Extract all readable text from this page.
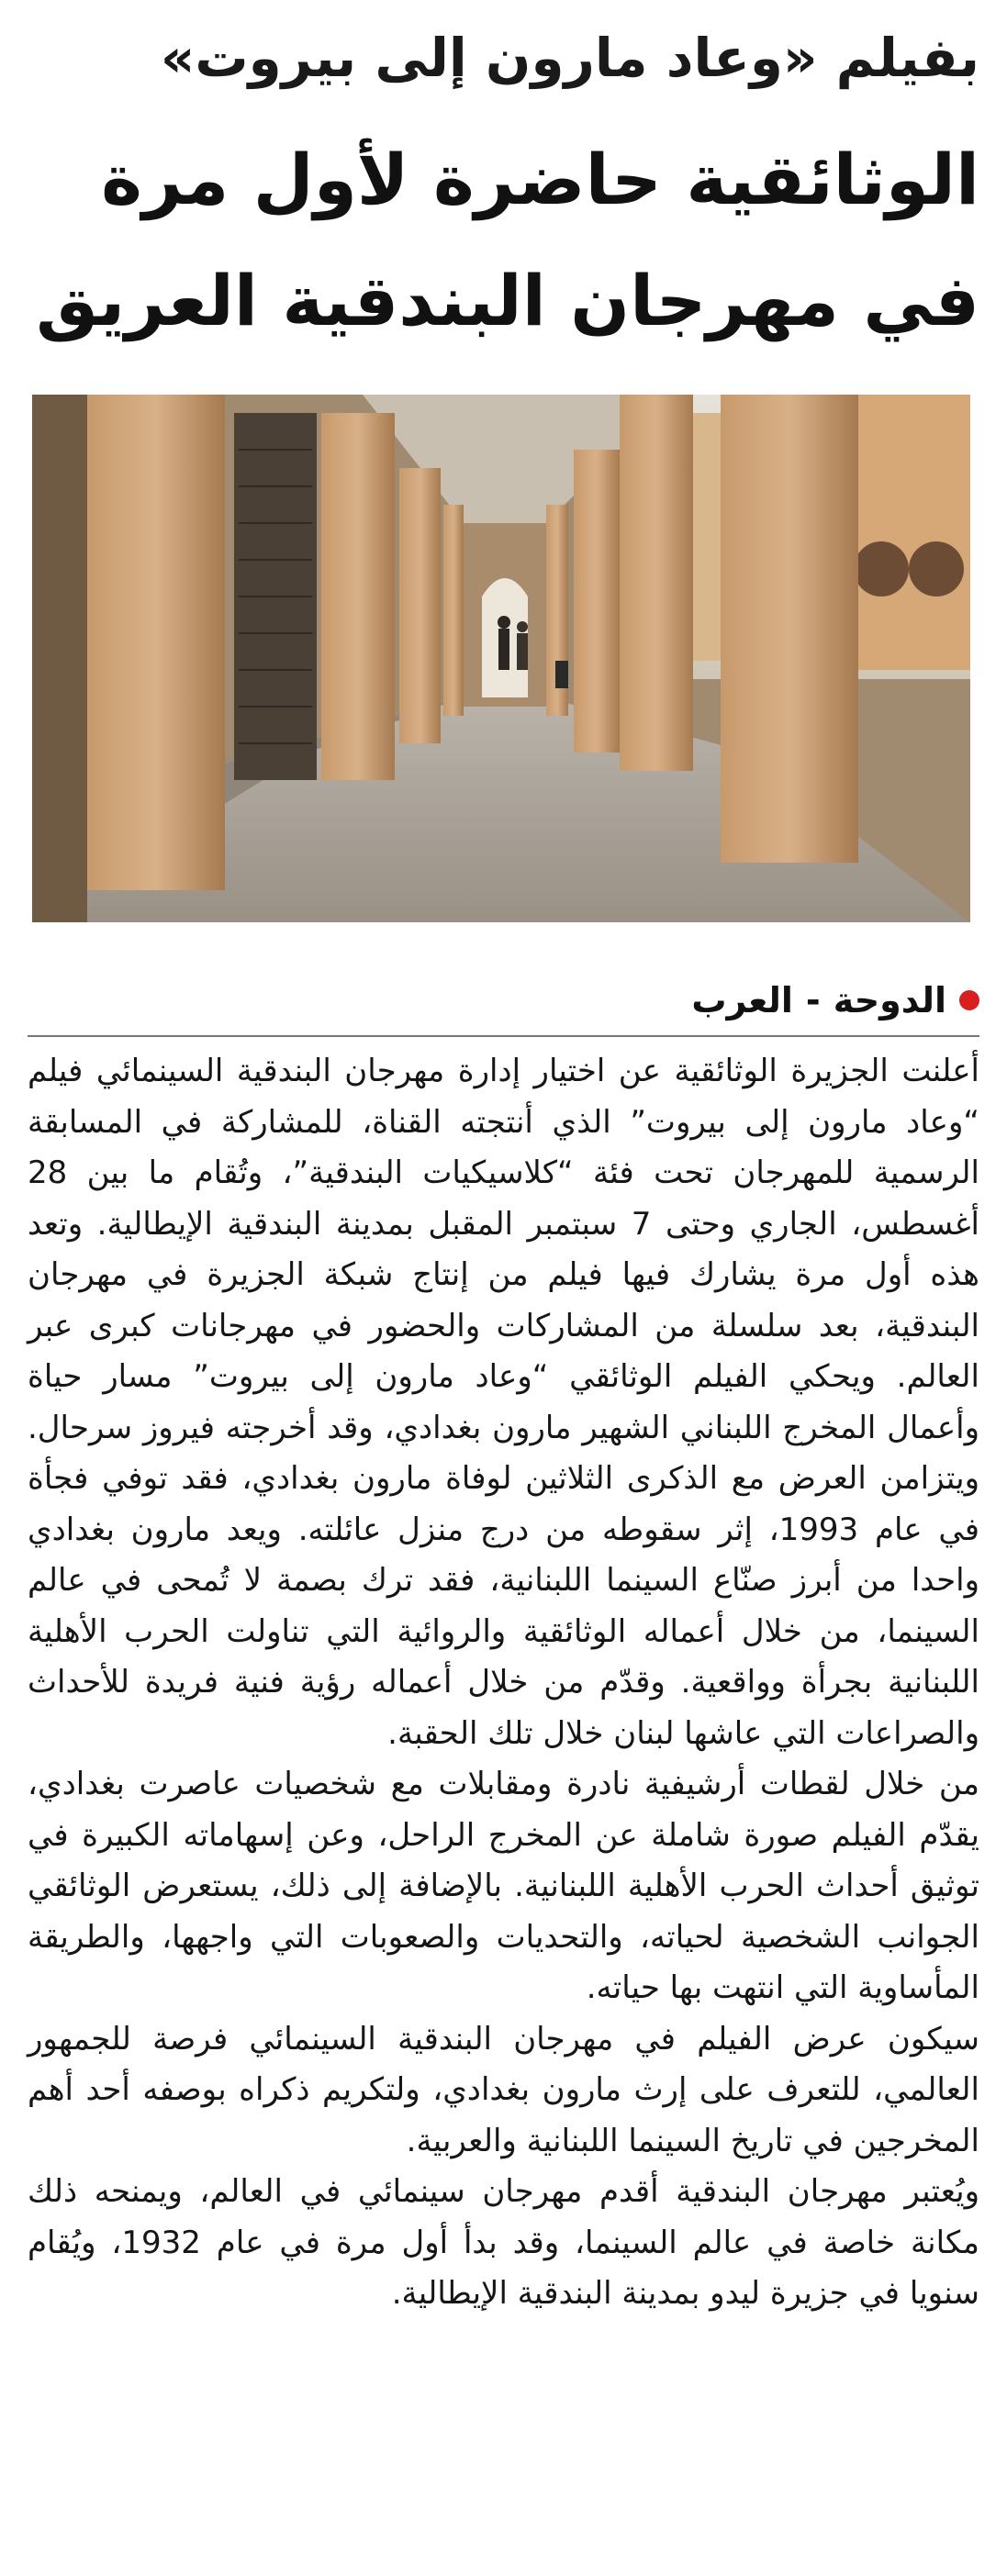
بفيلم «وعاد مارون إلى بيروت»
الوثائقية حاضرة لأول مرة
في مهرجان البندقية العريق
الدوحة
-
العرب

أعلنت الجزيرة الوثائقية عن اختيار إدارة مهرجان البندقية السينمائي فيلم “وعاد مارون إلى بيروت” الذي أنتجته القناة، للمشاركة في المسابقة الرسمية للمهرجان تحت فئة “كلاسيكيات البندقية”، وتُقام ما بين 28 أغسطس، الجاري وحتى 7 سبتمبر المقبل بمدينة البندقية الإيطالية. وتعد هذه أول مرة يشارك فيها فيلم من إنتاج شبكة الجزيرة في مهرجان البندقية، بعد سلسلة من المشاركات والحضور في مهرجانات كبرى عبر العالم. ويحكي الفيلم الوثائقي “وعاد مارون إلى بيروت” مسار حياة وأعمال المخرج اللبناني الشهير مارون بغدادي، وقد أخرجته فيروز سرحال. ويتزامن العرض مع الذكرى الثلاثين لوفاة مارون بغدادي، فقد توفي فجأة في عام 1993، إثر سقوطه من درج منزل عائلته. ويعد مارون بغدادي واحدا من أبرز صنّاع السينما اللبنانية، فقد ترك بصمة لا تُمحى في عالم السينما، من خلال أعماله الوثائقية والروائية التي تناولت الحرب الأهلية اللبنانية بجرأة وواقعية. وقدّم من خلال أعماله رؤية فنية فريدة للأحداث والصراعات التي عاشها لبنان خلال تلك الحقبة.

من خلال لقطات أرشيفية نادرة ومقابلات مع شخصيات عاصرت بغدادي، يقدّم الفيلم صورة شاملة عن المخرج الراحل، وعن إسهاماته الكبيرة في توثيق أحداث الحرب الأهلية اللبنانية. بالإضافة إلى ذلك، يستعرض الوثائقي الجوانب الشخصية لحياته، والتحديات والصعوبات التي واجهها، والطريقة المأساوية التي انتهت بها حياته.

سيكون عرض الفيلم في مهرجان البندقية السينمائي فرصة للجمهور العالمي، للتعرف على إرث مارون بغدادي، ولتكريم ذكراه بوصفه أحد أهم المخرجين في تاريخ السينما اللبنانية والعربية.

ويُعتبر مهرجان البندقية أقدم مهرجان سينمائي في العالم، ويمنحه ذلك مكانة خاصة في عالم السينما، وقد بدأ أول مرة في عام 1932، ويُقام سنويا في جزيرة ليدو بمدينة البندقية الإيطالية.
